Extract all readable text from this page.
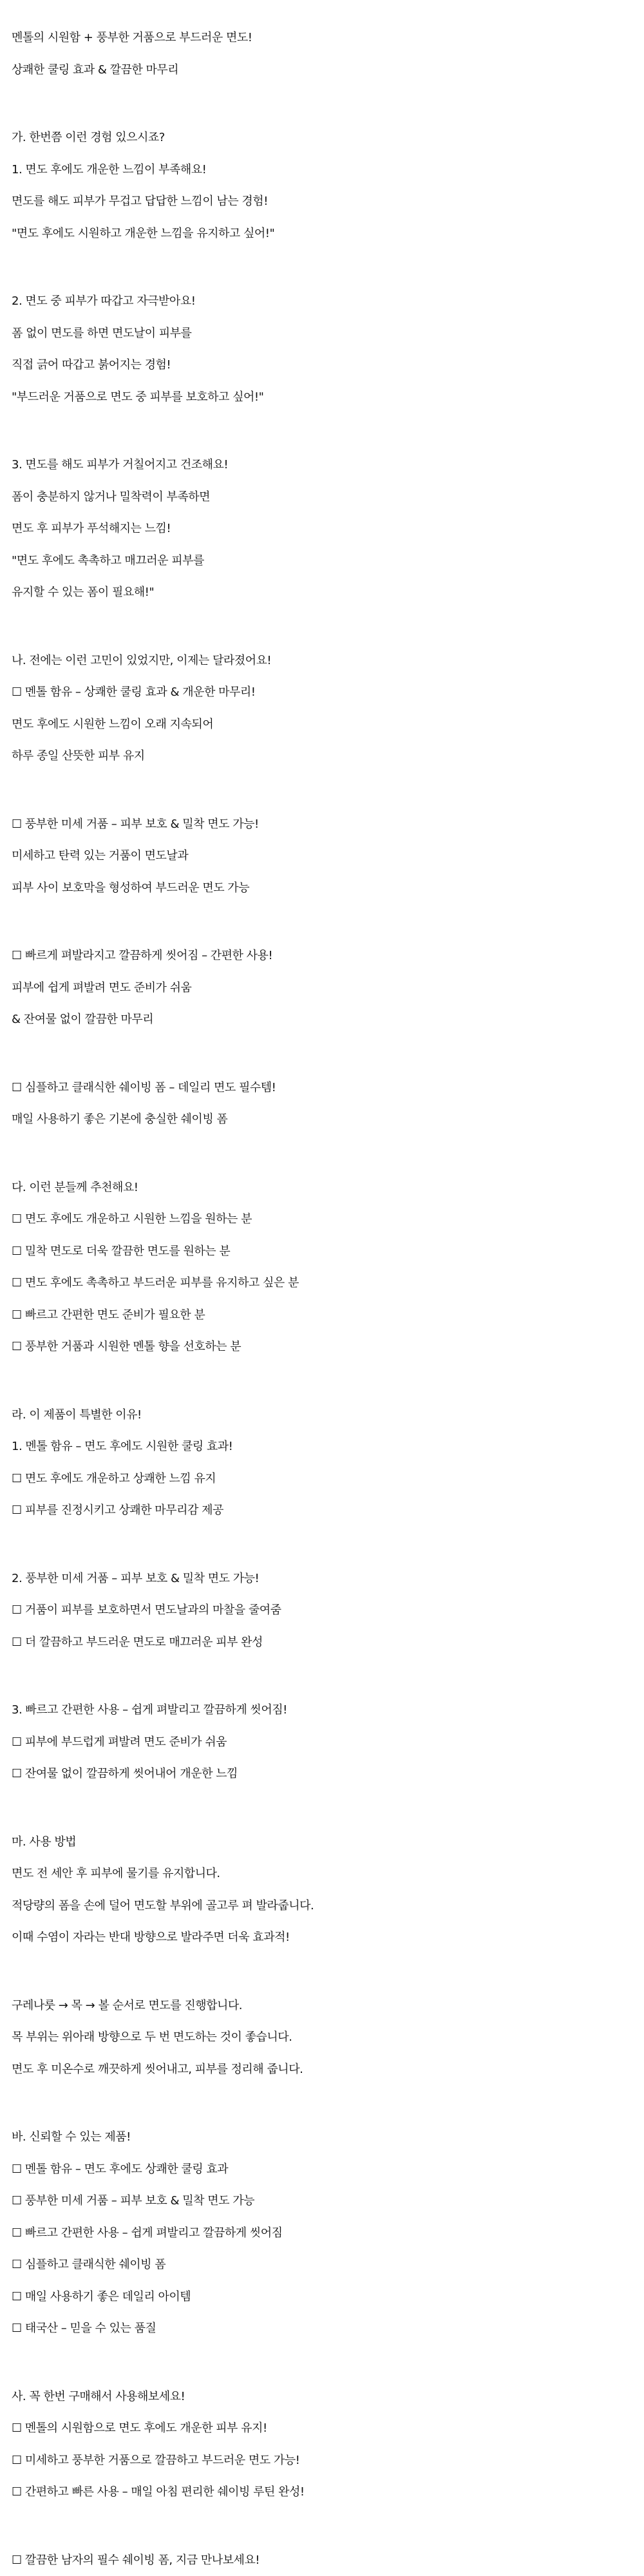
멘톨의 시원함 + 풍부한 거품으로 부드러운 면도!
상쾌한 쿨링 효과 & 깔끔한 마무리
가. 한번쯤 이런 경험 있으시죠?
1. 면도 후에도 개운한 느낌이 부족해요!
면도를 해도 피부가 무겁고 답답한 느낌이 남는 경험!
"면도 후에도 시원하고 개운한 느낌을 유지하고 싶어!"
2. 면도 중 피부가 따갑고 자극받아요!
폼 없이 면도를 하면 면도날이 피부를
직접 긁어 따갑고 붉어지는 경험!
"부드러운 거품으로 면도 중 피부를 보호하고 싶어!"
3. 면도를 해도 피부가 거칠어지고 건조해요!
폼이 충분하지 않거나 밀착력이 부족하면
면도 후 피부가 푸석해지는 느낌!
"면도 후에도 촉촉하고 매끄러운 피부를
유지할 수 있는 폼이 필요해!"
나. 전에는 이런 고민이 있었지만, 이제는 달라졌어요!
☐ 멘톨 함유 – 상쾌한 쿨링 효과 & 개운한 마무리!
면도 후에도 시원한 느낌이 오래 지속되어
하루 종일 산뜻한 피부 유지
☐ 풍부한 미세 거품 – 피부 보호 & 밀착 면도 가능!
미세하고 탄력 있는 거품이 면도날과
피부 사이 보호막을 형성하여 부드러운 면도 가능
☐ 빠르게 펴발라지고 깔끔하게 씻어짐 – 간편한 사용!
피부에 쉽게 펴발려 면도 준비가 쉬움
& 잔여물 없이 깔끔한 마무리
☐ 심플하고 클래식한 쉐이빙 폼 – 데일리 면도 필수템!
매일 사용하기 좋은 기본에 충실한 쉐이빙 폼
다. 이런 분들께 추천해요!
☐ 면도 후에도 개운하고 시원한 느낌을 원하는 분
☐ 밀착 면도로 더욱 깔끔한 면도를 원하는 분
☐ 면도 후에도 촉촉하고 부드러운 피부를 유지하고 싶은 분
☐ 빠르고 간편한 면도 준비가 필요한 분
☐ 풍부한 거품과 시원한 멘톨 향을 선호하는 분
라. 이 제품이 특별한 이유!
1. 멘톨 함유 – 면도 후에도 시원한 쿨링 효과!
☐ 면도 후에도 개운하고 상쾌한 느낌 유지
☐ 피부를 진정시키고 상쾌한 마무리감 제공
2. 풍부한 미세 거품 – 피부 보호 & 밀착 면도 가능!
☐ 거품이 피부를 보호하면서 면도날과의 마찰을 줄여줌
☐ 더 깔끔하고 부드러운 면도로 매끄러운 피부 완성
3. 빠르고 간편한 사용 – 쉽게 펴발리고 깔끔하게 씻어짐!
☐ 피부에 부드럽게 펴발려 면도 준비가 쉬움
☐ 잔여물 없이 깔끔하게 씻어내어 개운한 느낌
마. 사용 방법
면도 전 세안 후 피부에 물기를 유지합니다.
적당량의 폼을 손에 덜어 면도할 부위에 골고루 펴 발라줍니다.
이때 수염이 자라는 반대 방향으로 발라주면 더욱 효과적!
구레나룻 → 목 → 볼 순서로 면도를 진행합니다.
목 부위는 위아래 방향으로 두 번 면도하는 것이 좋습니다.
면도 후 미온수로 깨끗하게 씻어내고, 피부를 정리해 줍니다.
바. 신뢰할 수 있는 제품!
☐ 멘톨 함유 – 면도 후에도 상쾌한 쿨링 효과
☐ 풍부한 미세 거품 – 피부 보호 & 밀착 면도 가능
☐ 빠르고 간편한 사용 – 쉽게 펴발리고 깔끔하게 씻어짐
☐ 심플하고 클래식한 쉐이빙 폼
☐ 매일 사용하기 좋은 데일리 아이템
☐ 태국산 – 믿을 수 있는 품질
사. 꼭 한번 구매해서 사용해보세요!
☐ 멘톨의 시원함으로 면도 후에도 개운한 피부 유지!
☐ 미세하고 풍부한 거품으로 깔끔하고 부드러운 면도 가능!
☐ 간편하고 빠른 사용 – 매일 아침 편리한 쉐이빙 루틴 완성!
☐ 깔끔한 남자의 필수 쉐이빙 폼, 지금 만나보세요!
